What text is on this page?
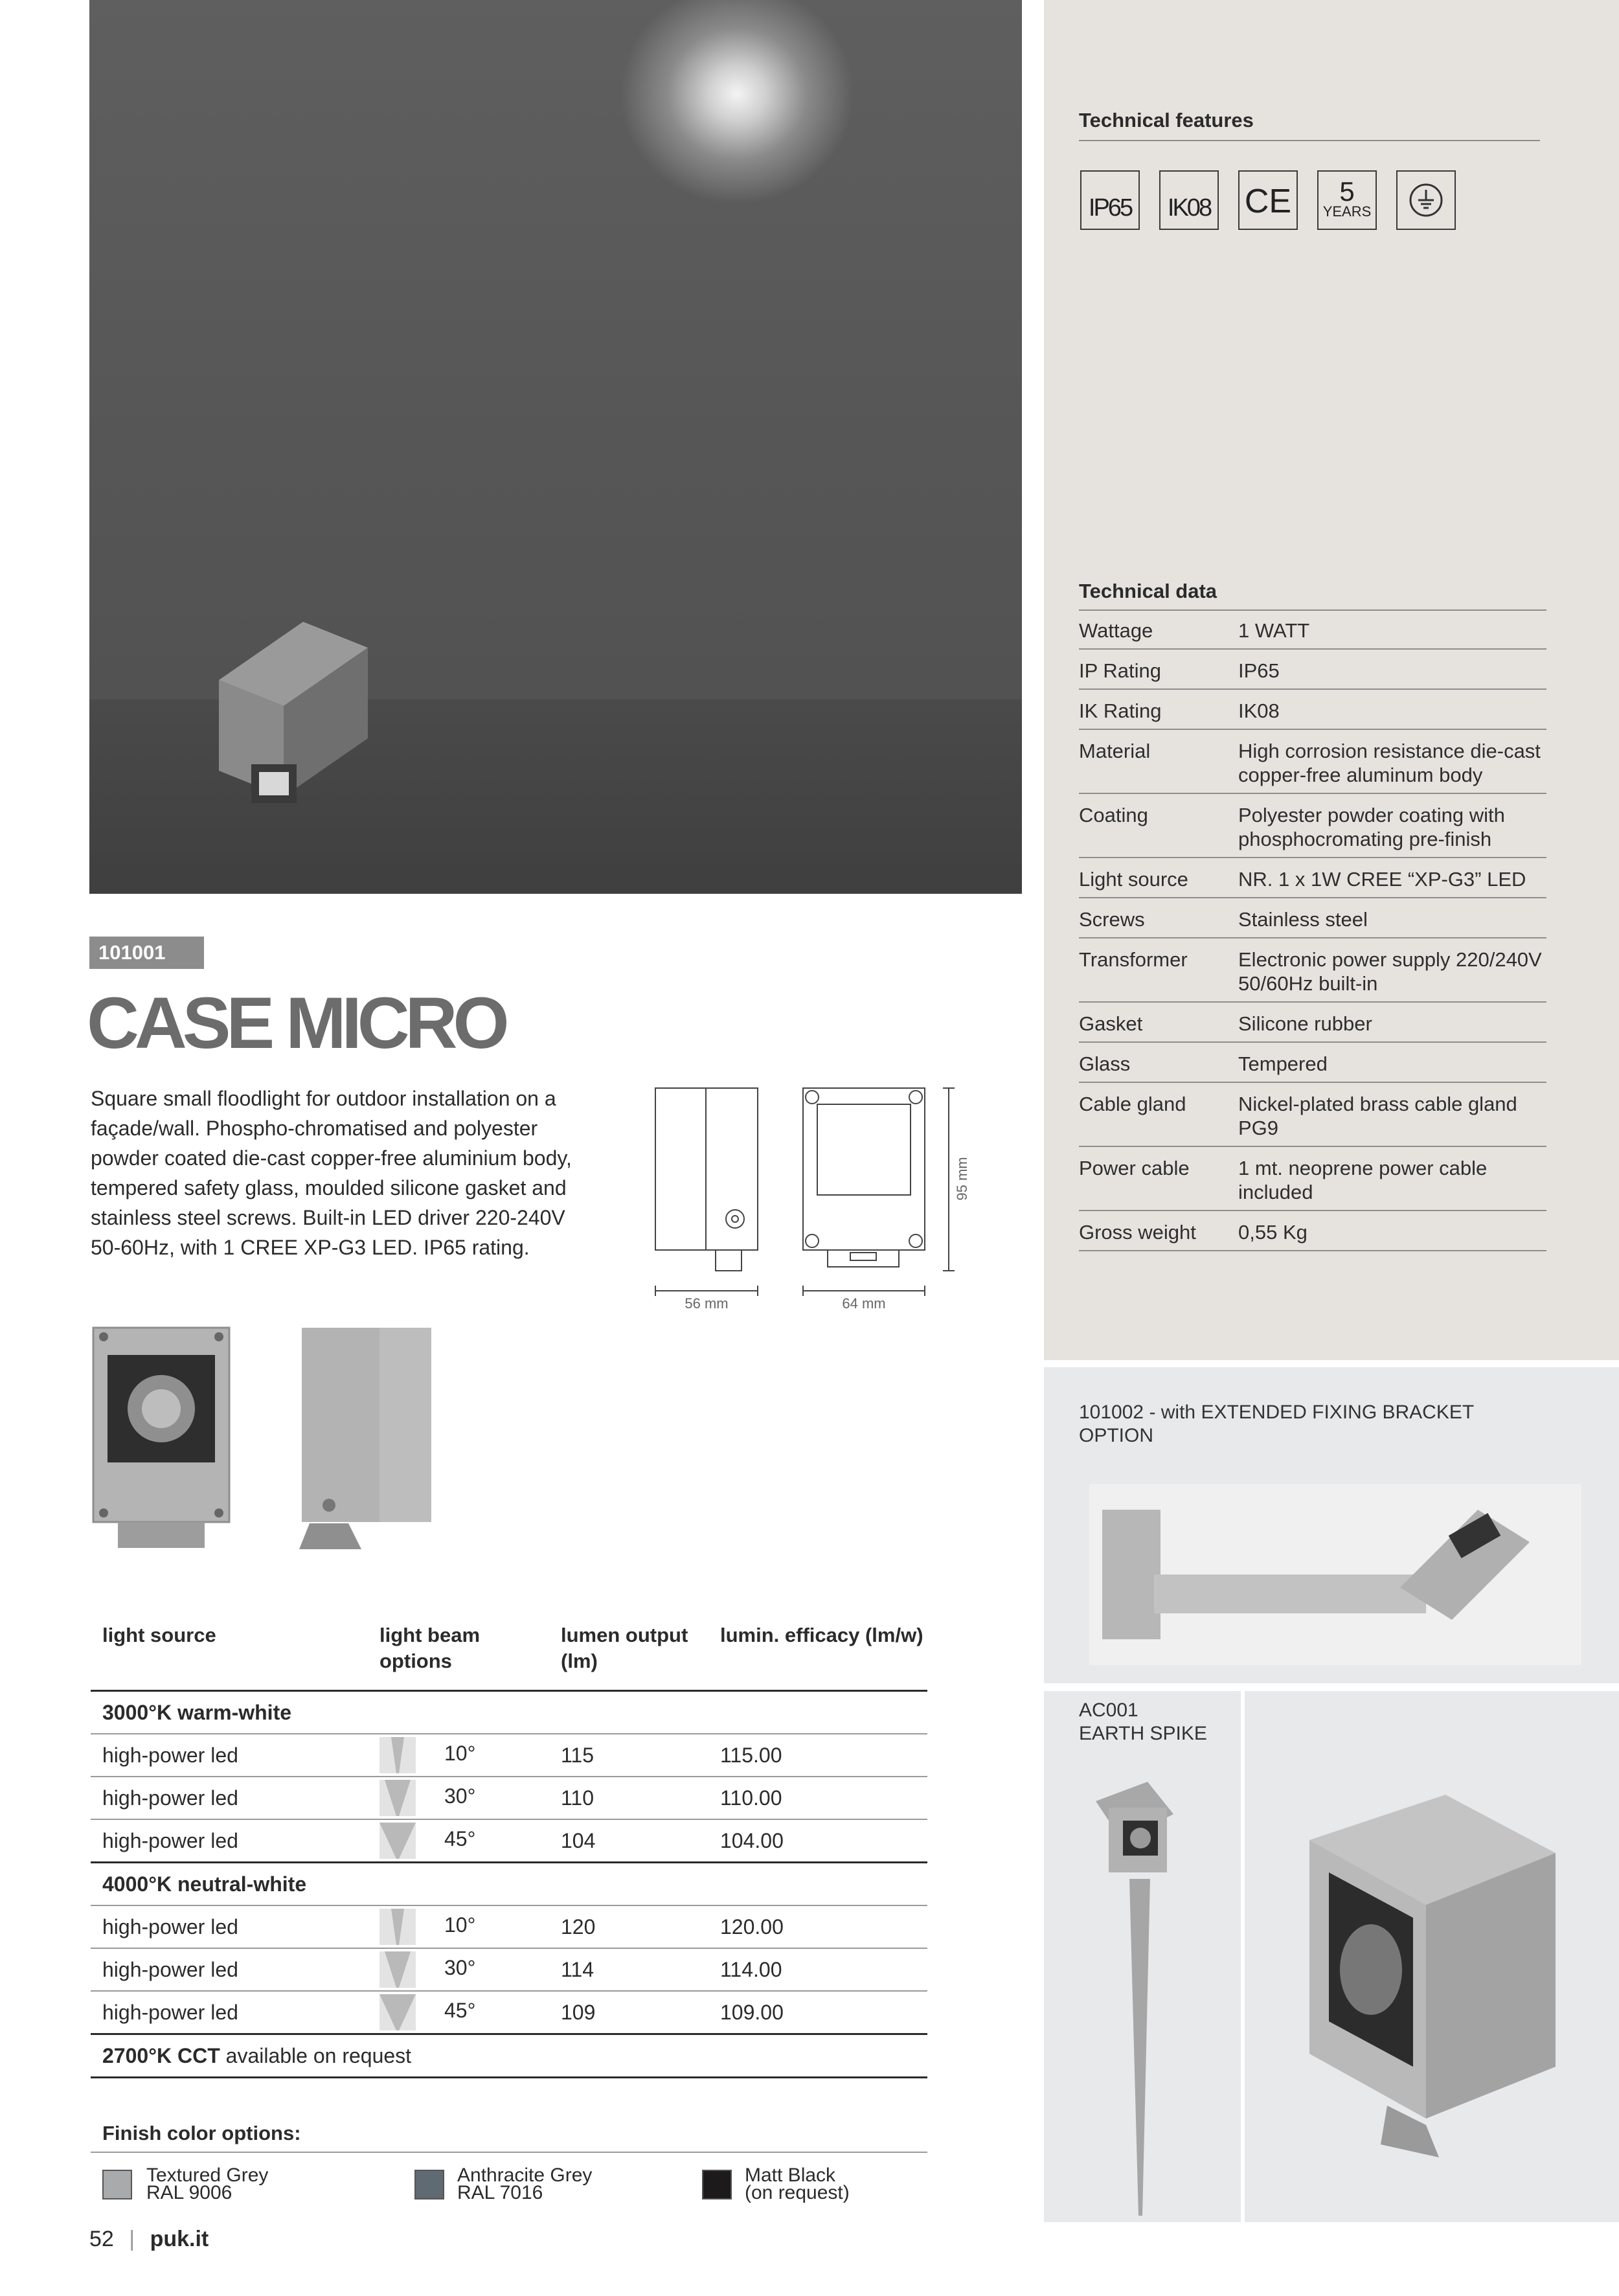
Technical features
IP65 IK08 CE 5
YEARS
Technical data
Wattage	1 WATT
IP Rating	IP65
IK Rating	IK08
Material	High corrosion resistance die-cast copper-free aluminum body
Coating	Polyester powder coating with phosphocromating pre-finish
Light source	NR. 1 x 1W CREE “XP-G3” LED
Screws	Stainless steel
Transformer	Electronic power supply 220/240V 50/60Hz built-in
Gasket	Silicone rubber
Glass	Tempered
Cable gland	Nickel-plated brass cable gland PG9
Power cable	1 mt. neoprene power cable included
Gross weight	0,55 Kg
101001
CASE MICRO
Square small floodlight for outdoor installation on a façade/wall. Phospho-chromatised and polyester powder coated die-cast copper-free aluminium body, tempered safety glass, moulded silicone gasket and stainless steel screws. Built-in LED driver 220-240V 50-60Hz, with 1 CREE XP-G3 LED. IP65 rating.
56 mm	64 mm
95 mm
light source	light beam options	lumen output (lm)	lumin. efficacy (lm/w)
3000°K warm-white			
high-power led	10°	115	115.00
high-power led	30°	110	110.00
high-power led	45°	104	104.00
4000°K neutral-white			
high-power led	10°	120	120.00
high-power led	30°	114	114.00
high-power led	45°	109	109.00
2700°K CCT available on request			
Finish color options:
Textured Grey
RAL 9006
Anthracite Grey
RAL 7016
Matt Black
(on request)
52 | puk.it
101002 - with EXTENDED FIXING BRACKET
OPTION
AC001
EARTH SPIKE
